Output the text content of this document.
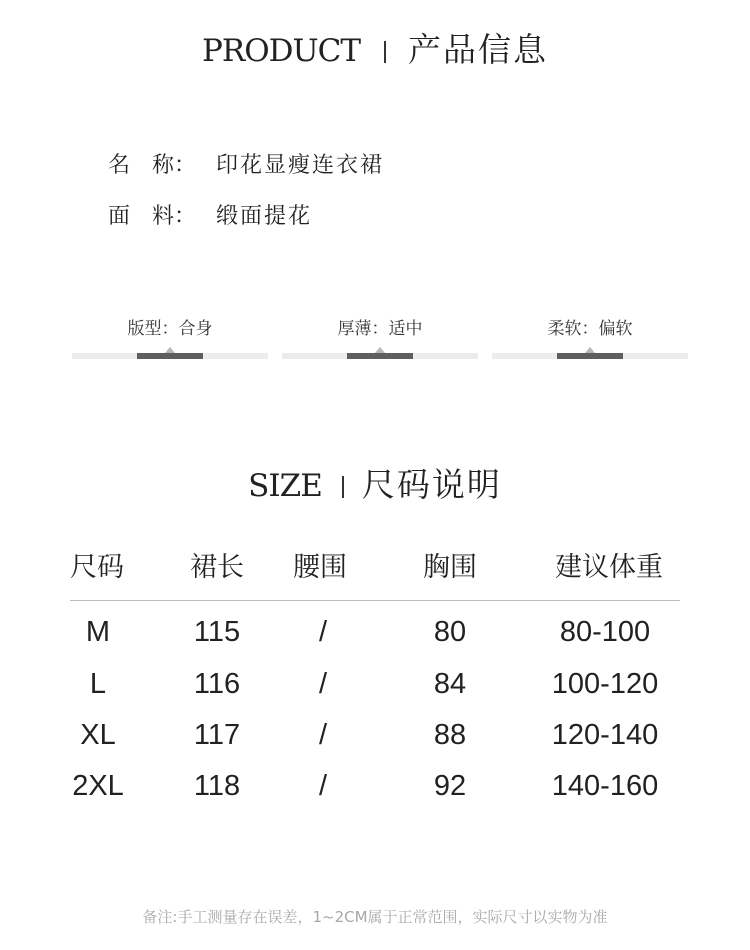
PRODUCT 产品信息
名　称： 印花显瘦连衣裙
面　料： 缎面提花
版型：合身	厚薄：适中	柔软：偏软
SIZE 尺码说明
尺码	裙长	腰围	胸围	建议体重
M	115	/	80	80-100
L	116	/	84	100-120
XL	117	/	88	120-140
2XL	118	/	92	140-160
备注:手工测量存在误差，1~2CM属于正常范围，实际尺寸以实物为准
